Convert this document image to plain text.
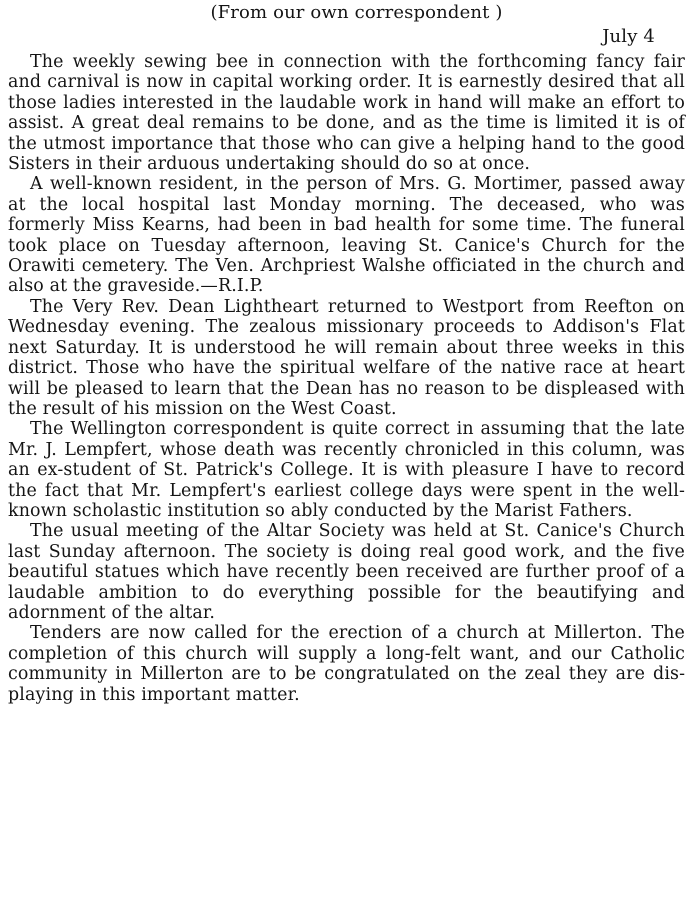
(From our own correspondent )
July 4

The weekly sewing bee in connection with the forthcoming fancy fair and carnival is now in capital working order. It is earnestly desired that all those ladies interested in the laudable work in hand will make an effort to assist. A great deal remains to be done, and as the time is limited it is of the utmost importance that those who can give a helping hand to the good Sisters in their arduous undertaking should do so at once.

A well-known resident, in the person of Mrs. G. Mortimer, passed away at the local hospital last Monday morning. The deceased, who was formerly Miss Kearns, had been in bad health for some time. The funeral took place on Tuesday afternoon, leaving St. Canice's Church for the Orawiti cemetery. The Ven. Archpriest Walshe officiated in the church and also at the graveside.—R.I.P.

The Very Rev. Dean Lightheart returned to Westport from Reefton on Wednesday evening. The zealous missionary proceeds to Addison's Flat next Saturday. It is understood he will remain about three weeks in this district. Those who have the spiritual welfare of the native race at heart will be pleased to learn that the Dean has no reason to be displeased with the result of his mission on the West Coast.

The Wellington correspondent is quite correct in assuming that the late Mr. J. Lempfert, whose death was recently chronicled in this column, was an ex-student of St. Patrick's College. It is with pleasure I have to record the fact that Mr. Lempfert's earliest college days were spent in the well-known scholastic institution so ably conducted by the Marist Fathers.

The usual meeting of the Altar Society was held at St. Canice's Church last Sunday afternoon. The society is doing real good work, and the five beautiful statues which have recently been received are further proof of a laudable ambition to do everything possible for the beautifying and adornment of the altar.

Tenders are now called for the erection of a church at Millerton. The completion of this church will supply a long-felt want, and our Catholic community in Millerton are to be congratulated on the zeal they are displaying in this important matter.
